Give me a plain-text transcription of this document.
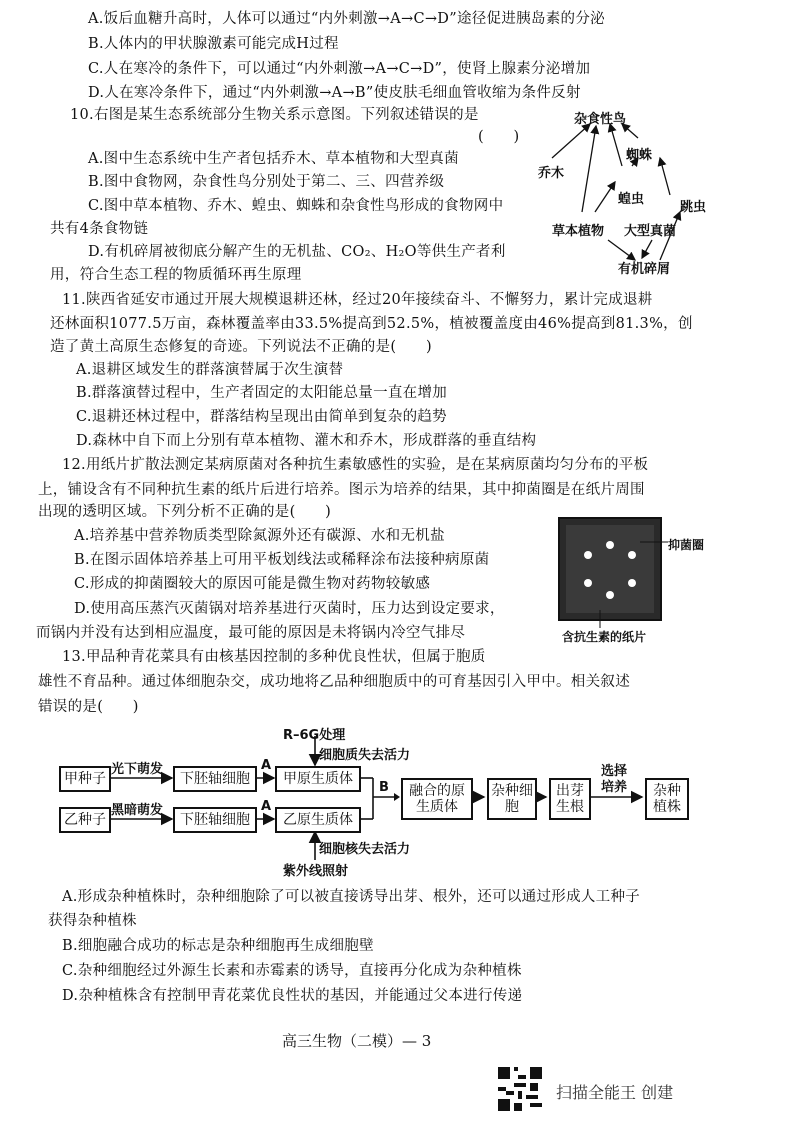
A.饭后血糖升高时，人体可以通过“内外刺激→A→C→D”途径促进胰岛素的分泌
B.人体内的甲状腺激素可能完成H过程
C.人在寒冷的条件下，可以通过“内外刺激→A→C→D”，使肾上腺素分泌增加
D.人在寒冷条件下，通过“内外刺激→A→B”使皮肤毛细血管收缩为条件反射
10.右图是某生态系统部分生物关系示意图。下列叙述错误的是
(　　)
A.图中生态系统中生产者包括乔木、草本植物和大型真菌
B.图中食物网，杂食性鸟分别处于第二、三、四营养级
C.图中草本植物、乔木、蝗虫、蜘蛛和杂食性鸟形成的食物网中
共有4条食物链
D.有机碎屑被彻底分解产生的无机盐、CO₂、H₂O等供生产者利
用，符合生态工程的物质循环再生原理
杂食性鸟
蜘蛛
乔木
蝗虫
跳虫
草本植物 大型真菌
有机碎屑
11.陕西省延安市通过开展大规模退耕还林，经过20年接续奋斗、不懈努力，累计完成退耕
还林面积1077.5万亩，森林覆盖率由33.5%提高到52.5%，植被覆盖度由46%提高到81.3%，创
造了黄土高原生态修复的奇迹。下列说法不正确的是(　　)
A.退耕区域发生的群落演替属于次生演替
B.群落演替过程中，生产者固定的太阳能总量一直在增加
C.退耕还林过程中，群落结构呈现出由简单到复杂的趋势
D.森林中自下而上分别有草本植物、灌木和乔木，形成群落的垂直结构
12.用纸片扩散法测定某病原菌对各种抗生素敏感性的实验，是在某病原菌均匀分布的平板
上，铺设含有不同种抗生素的纸片后进行培养。图示为培养的结果，其中抑菌圈是在纸片周围
出现的透明区域。下列分析不正确的是(　　)
A.培养基中营养物质类型除氮源外还有碳源、水和无机盐
B.在图示固体培养基上可用平板划线法或稀释涂布法接种病原菌
C.形成的抑菌圈较大的原因可能是微生物对药物较敏感
D.使用高压蒸汽灭菌锅对培养基进行灭菌时，压力达到设定要求，
而锅内并没有达到相应温度，最可能的原因是未将锅内冷空气排尽
抑菌圈
含抗生素的纸片
13.甲品种青花菜具有由核基因控制的多种优良性状，但属于胞质
雄性不育品种。通过体细胞杂交，成功地将乙品种细胞质中的可育基因引入甲中。相关叙述
错误的是(　　)
R–6G处理
细胞质失去活力
甲种子
乙种子
光下萌发
黑暗萌发
下胚轴细胞
下胚轴细胞
A
A
甲原生质体
乙原生质体
B	融合的原生质体
杂种细胞
出芽生根
选择培养	杂种植株
细胞核失去活力
紫外线照射
A.形成杂种植株时，杂种细胞除了可以被直接诱导出芽、根外，还可以通过形成人工种子
获得杂种植株
B.细胞融合成功的标志是杂种细胞再生成细胞壁
C.杂种细胞经过外源生长素和赤霉素的诱导，直接再分化成为杂种植株
D.杂种植株含有控制甲青花菜优良性状的基因，并能通过父本进行传递
高三生物（二模）— 3
扫描全能王 创建
